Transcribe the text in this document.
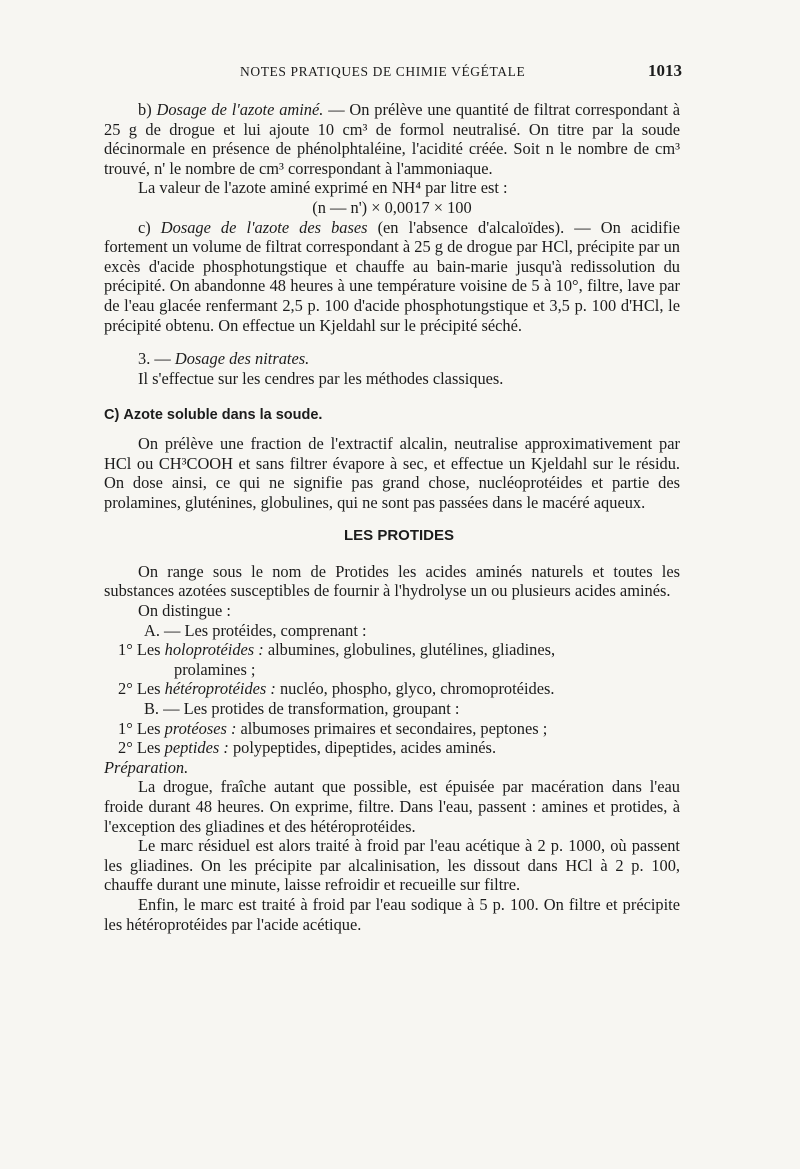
NOTES PRATIQUES DE CHIMIE VÉGÉTALE	1013

b) Dosage de l'azote aminé. — On prélève une quantité de filtrat correspondant à 25 g de drogue et lui ajoute 10 cm³ de formol neutralisé. On titre par la soude décinormale en présence de phénolphtaléine, l'acidité créée. Soit n le nombre de cm³ trouvé, n' le nombre de cm³ correspondant à l'ammoniaque.

La valeur de l'azote aminé exprimé en NH⁴ par litre est :

(n — n') × 0,0017 × 100

c) Dosage de l'azote des bases (en l'absence d'alcaloïdes). — On acidifie fortement un volume de filtrat correspondant à 25 g de drogue par HCl, précipite par un excès d'acide phosphotungstique et chauffe au bain-marie jusqu'à redissolution du précipité. On abandonne 48 heures à une température voisine de 5 à 10°, filtre, lave par de l'eau glacée renfermant 2,5 p. 100 d'acide phosphotungstique et 3,5 p. 100 d'HCl, le précipité obtenu. On effectue un Kjeldahl sur le précipité séché.

3. — Dosage des nitrates.

Il s'effectue sur les cendres par les méthodes classiques.

C) Azote soluble dans la soude.

On prélève une fraction de l'extractif alcalin, neutralise approximativement par HCl ou CH³COOH et sans filtrer évapore à sec, et effectue un Kjeldahl sur le résidu. On dose ainsi, ce qui ne signifie pas grand chose, nucléoprotéides et partie des prolamines, gluténines, globulines, qui ne sont pas passées dans le macéré aqueux.

LES PROTIDES

On range sous le nom de Protides les acides aminés naturels et toutes les substances azotées susceptibles de fournir à l'hydrolyse un ou plusieurs acides aminés.

On distingue :

A. — Les protéides, comprenant :

1° Les holoprotéides : albumines, globulines, glutélines, gliadines,

prolamines ;

2° Les hétéroprotéides : nucléo, phospho, glyco, chromoprotéides.

B. — Les protides de transformation, groupant :

1° Les protéoses : albumoses primaires et secondaires, peptones ;

2° Les peptides : polypeptides, dipeptides, acides aminés.

Préparation.

La drogue, fraîche autant que possible, est épuisée par macération dans l'eau froide durant 48 heures. On exprime, filtre. Dans l'eau, passent : amines et protides, à l'exception des gliadines et des hétéroprotéides.

Le marc résiduel est alors traité à froid par l'eau acétique à 2 p. 1000, où passent les gliadines. On les précipite par alcalinisation, les dissout dans HCl à 2 p. 100, chauffe durant une minute, laisse refroidir et recueille sur filtre.

Enfin, le marc est traité à froid par l'eau sodique à 5 p. 100. On filtre et précipite les hétéroprotéides par l'acide acétique.
